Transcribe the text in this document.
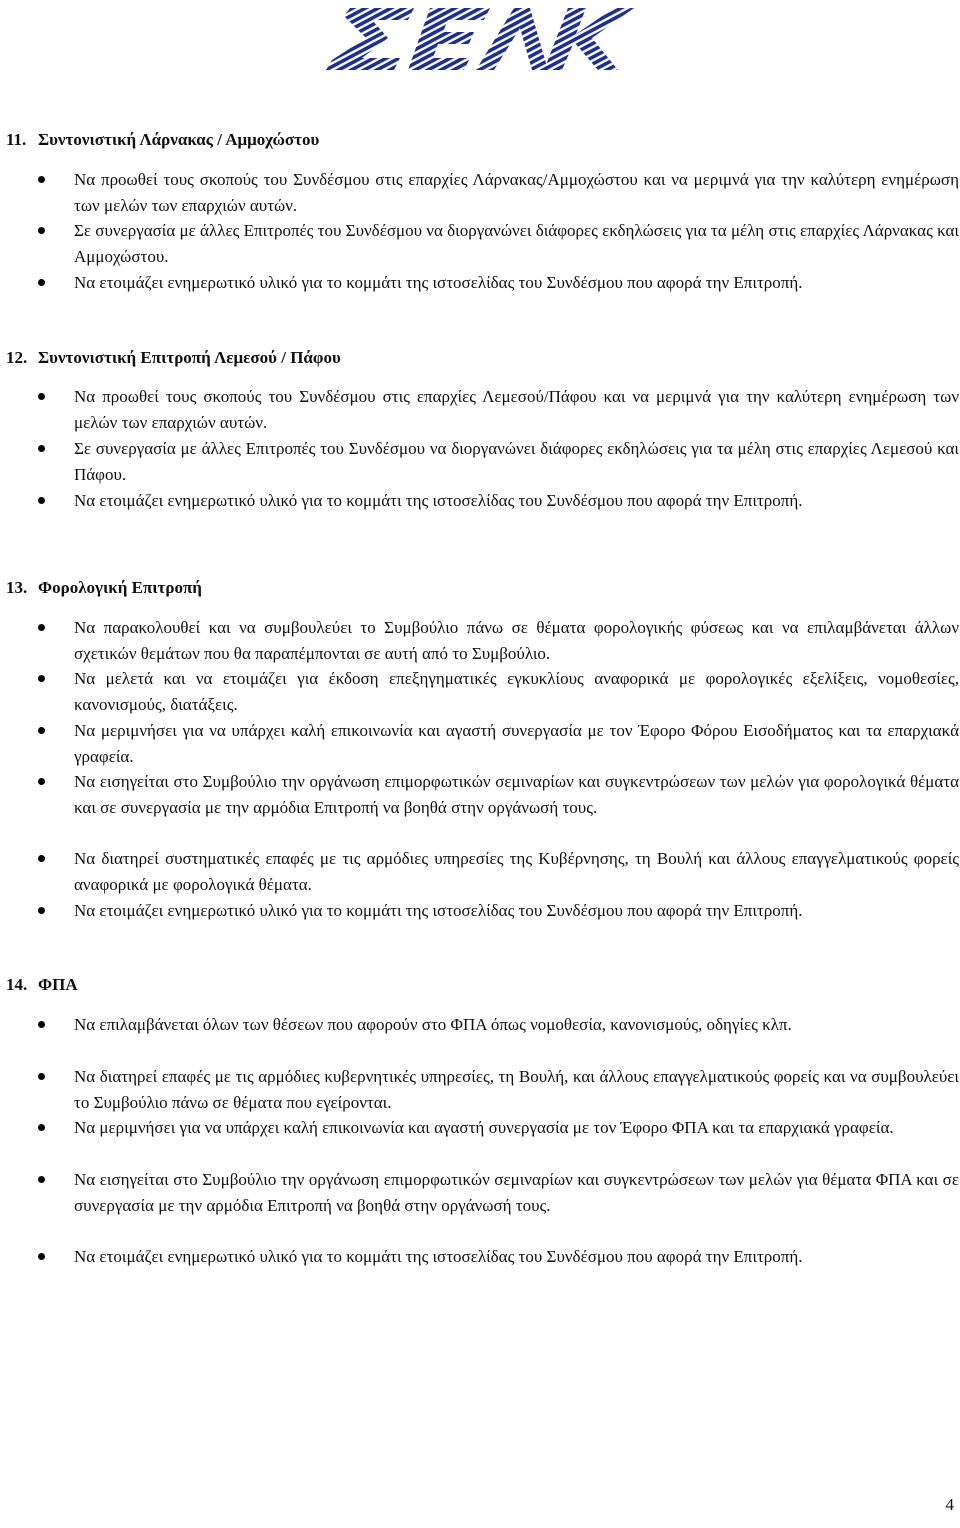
11. Συντονιστική Λάρνακας / Αμμοχώστου
Να προωθεί τους σκοπούς του Συνδέσμου στις επαρχίες Λάρνακας/Αμμοχώστου και να μεριμνά για την καλύτερη ενημέρωση των μελών των επαρχιών αυτών.
Σε συνεργασία με άλλες Επιτροπές του Συνδέσμου να διοργανώνει διάφορες εκδηλώσεις για τα μέλη στις επαρχίες Λάρνακας και Αμμοχώστου.
Να ετοιμάζει ενημερωτικό υλικό για το κομμάτι της ιστοσελίδας του Συνδέσμου που αφορά την Επιτροπή.
12. Συντονιστική Επιτροπή Λεμεσού / Πάφου
Να προωθεί τους σκοπούς του Συνδέσμου στις επαρχίες Λεμεσού/Πάφου και να μεριμνά για την καλύτερη ενημέρωση των μελών των επαρχιών αυτών.
Σε συνεργασία με άλλες Επιτροπές του Συνδέσμου να διοργανώνει διάφορες εκδηλώσεις για τα μέλη στις επαρχίες Λεμεσού και Πάφου.
Να ετοιμάζει ενημερωτικό υλικό για το κομμάτι της ιστοσελίδας του Συνδέσμου που αφορά την Επιτροπή.
13. Φορολογική Επιτροπή
Να παρακολουθεί και να συμβουλεύει το Συμβούλιο πάνω σε θέματα φορολογικής φύσεως και να επιλαμβάνεται άλλων σχετικών θεμάτων που θα παραπέμπονται σε αυτή από το Συμβούλιο.
Να μελετά και να ετοιμάζει για έκδοση επεξηγηματικές εγκυκλίους αναφορικά με φορολογικές εξελίξεις, νομοθεσίες, κανονισμούς, διατάξεις.
Να μεριμνήσει για να υπάρχει καλή επικοινωνία και αγαστή συνεργασία με τον Έφορο Φόρου Εισοδήματος και τα επαρχιακά γραφεία.
Να εισηγείται στο Συμβούλιο την οργάνωση επιμορφωτικών σεμιναρίων και συγκεντρώσεων των μελών για φορολογικά θέματα και σε συνεργασία με την αρμόδια Επιτροπή να βοηθά στην οργάνωσή τους.
Να διατηρεί συστηματικές επαφές με τις αρμόδιες υπηρεσίες της Κυβέρνησης, τη Βουλή και άλλους επαγγελματικούς φορείς αναφορικά με φορολογικά θέματα.
Να ετοιμάζει ενημερωτικό υλικό για το κομμάτι της ιστοσελίδας του Συνδέσμου που αφορά την Επιτροπή.
14. ΦΠΑ
Να επιλαμβάνεται όλων των θέσεων που αφορούν στο ΦΠΑ όπως νομοθεσία, κανονισμούς, οδηγίες κλπ.
Να διατηρεί επαφές με τις αρμόδιες κυβερνητικές υπηρεσίες, τη Βουλή, και άλλους επαγγελματικούς φορείς και να συμβουλεύει το Συμβούλιο πάνω σε θέματα που εγείρονται.
Να μεριμνήσει για να υπάρχει καλή επικοινωνία και αγαστή συνεργασία με τον Έφορο ΦΠΑ και τα επαρχιακά γραφεία.
Να εισηγείται στο Συμβούλιο την οργάνωση επιμορφωτικών σεμιναρίων και συγκεντρώσεων των μελών για θέματα ΦΠΑ και σε συνεργασία με την αρμόδια Επιτροπή να βοηθά στην οργάνωσή τους.
Να ετοιμάζει ενημερωτικό υλικό για το κομμάτι της ιστοσελίδας του Συνδέσμου που αφορά την Επιτροπή.
4
